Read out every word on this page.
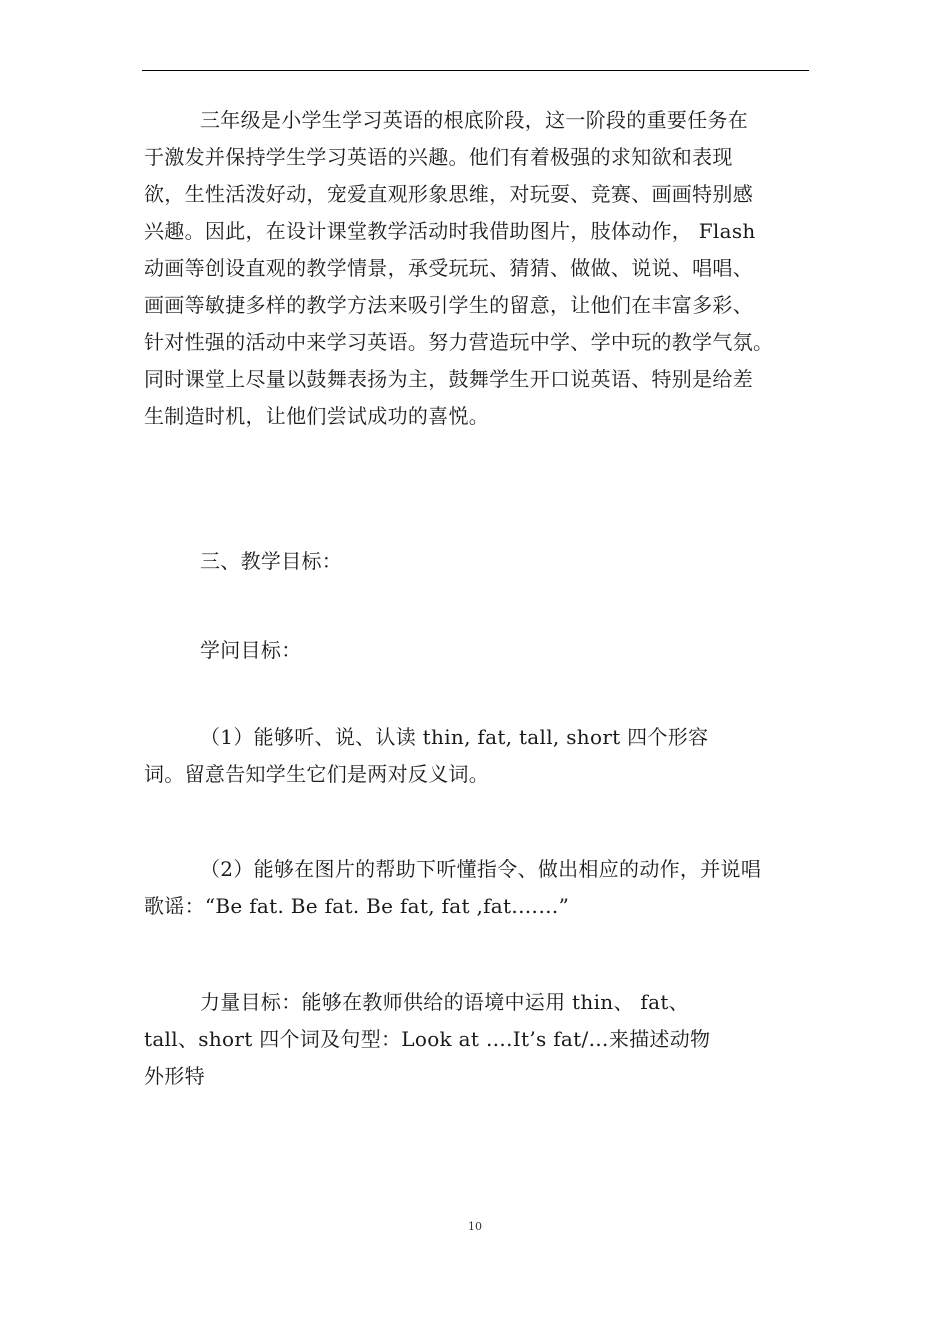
三年级是小学生学习英语的根底阶段，这一阶段的重要任务在
于激发并保持学生学习英语的兴趣。他们有着极强的求知欲和表现
欲，生性活泼好动，宠爱直观形象思维，对玩耍、竞赛、画画特别感
兴趣。因此，在设计课堂教学活动时我借助图片，肢体动作， Flash
动画等创设直观的教学情景，承受玩玩、猜猜、做做、说说、唱唱、
画画等敏捷多样的教学方法来吸引学生的留意，让他们在丰富多彩、
针对性强的活动中来学习英语。努力营造玩中学、学中玩的教学气氛。
同时课堂上尽量以鼓舞表扬为主，鼓舞学生开口说英语、特别是给差
生制造时机，让他们尝试成功的喜悦。
三、教学目标：
学问目标：
（1）能够听、说、认读 thin, fat, tall, short 四个形容
词。留意告知学生它们是两对反义词。
（2）能够在图片的帮助下听懂指令、做出相应的动作，并说唱
歌谣：“Be fat. Be fat. Be fat, fat ,fat.……”
力量目标：能够在教师供给的语境中运用 thin、 fat、
tall、short 四个词及句型：Look at ….It’s fat/…来描述动物
外形特
10
